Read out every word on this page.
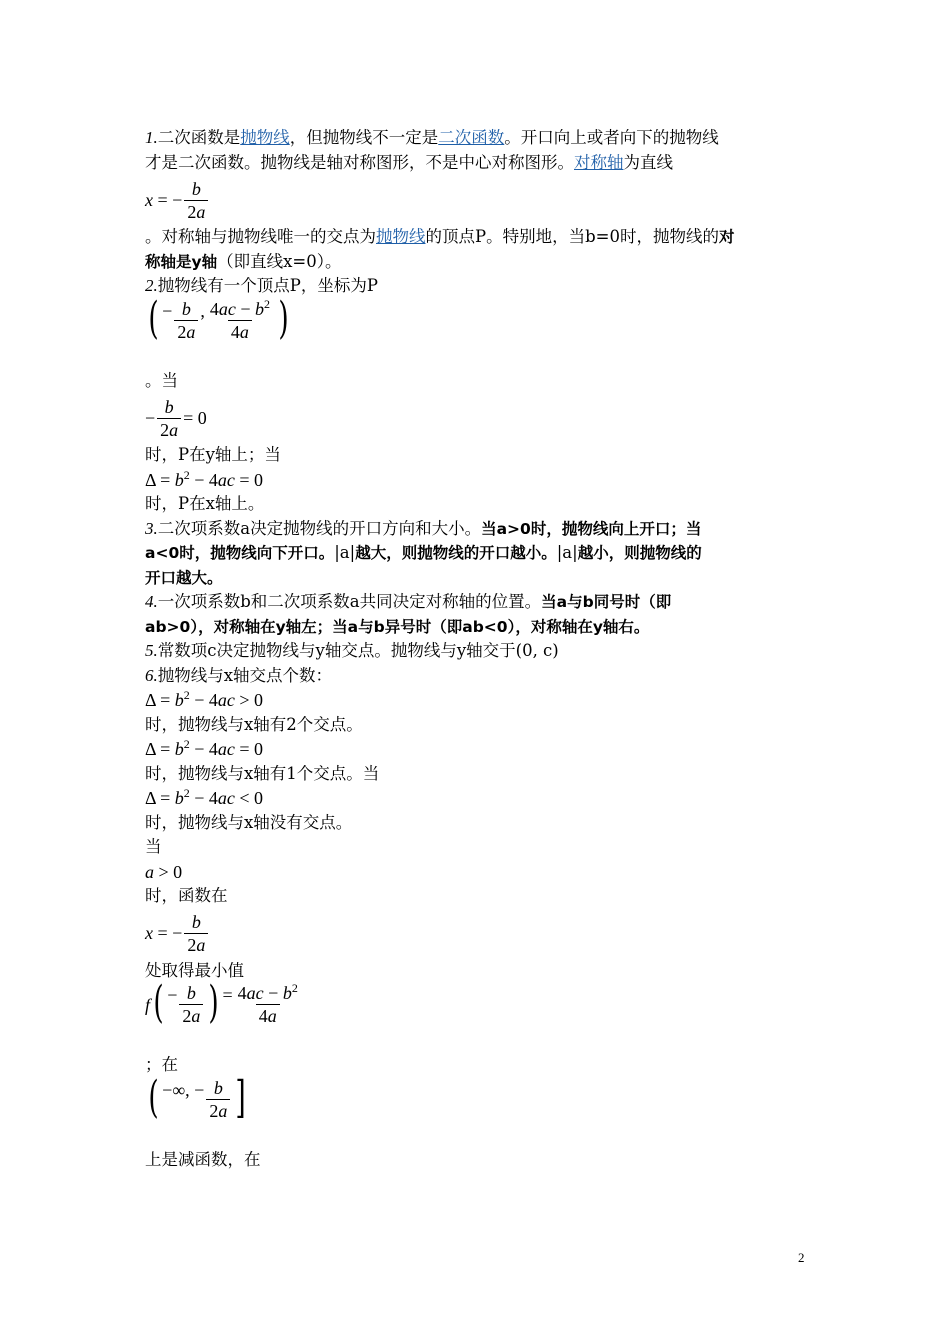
1.二次函数是抛物线，但抛物线不一定是二次函数。开口向上或者向下的抛物线
才是二次函数。抛物线是轴对称图形，不是中心对称图形。对称轴为直线
x = − $\frac{b}{2a}$
。对称轴与抛物线唯一的交点为抛物线的顶点P。特别地，当b=0时，抛物线的对
称轴是y轴（即直线x=0）。
2.抛物线有一个顶点P，坐标为P
( − $\frac{b}{2a}$ , $\frac{4ac - b^2}{4a}$ )
。当
− $\frac{b}{2a} = 0$
时，P在y轴上；当
$\Delta = b^2 - 4ac = 0$
时，P在x轴上。
3.二次项系数a决定抛物线的开口方向和大小。当a>0时，抛物线向上开口；当
a<0时，抛物线向下开口。|a|越大，则抛物线的开口越小。|a|越小，则抛物线的
开口越大。
4.一次项系数b和二次项系数a共同决定对称轴的位置。当a与b同号时（即
ab>0），对称轴在y轴左；当a与b异号时（即ab<0），对称轴在y轴右。
5.常数项c决定抛物线与y轴交点。抛物线与y轴交于(0, c)
6.抛物线与x轴交点个数：
$\Delta = b^2 - 4ac > 0$
时，抛物线与x轴有2个交点。
$\Delta = b^2 - 4ac = 0$
时，抛物线与x轴有1个交点。当
$\Delta = b^2 - 4ac < 0$
时，抛物线与x轴没有交点。
当
a > 0
时，函数在
x = − $\frac{b}{2a}$
处取得最小值
f ( − $\frac{b}{2a}$ ) = $\frac{4ac - b^2}{4a}$
；在
( −∞, − $\frac{b}{2a}$ ]
上是减函数，在
2
